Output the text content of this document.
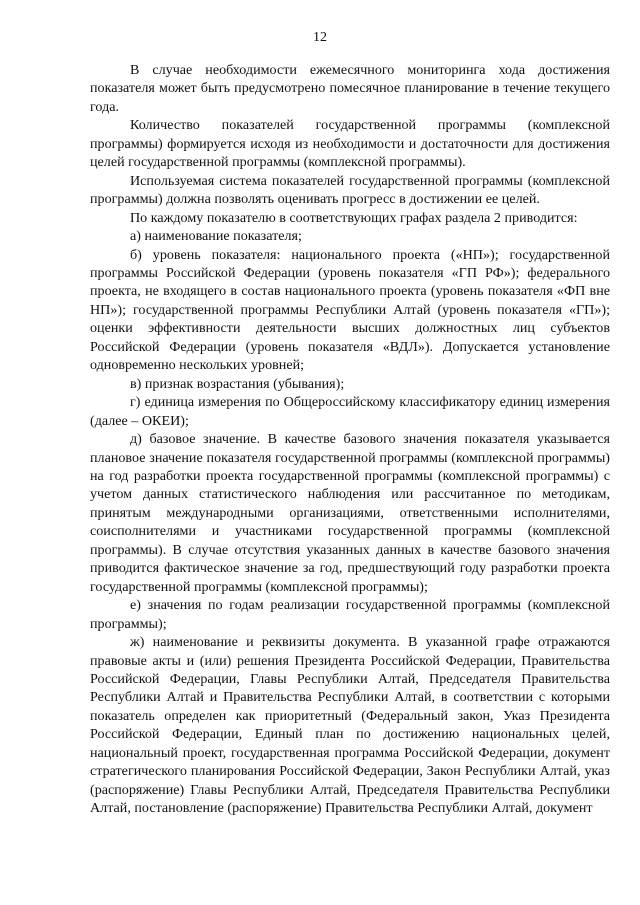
12

В случае необходимости ежемесячного мониторинга хода достижения показателя может быть предусмотрено помесячное планирование в течение текущего года.

Количество показателей государственной программы (комплексной программы) формируется исходя из необходимости и достаточности для достижения целей государственной программы (комплексной программы).

Используемая система показателей государственной программы (комплексной программы) должна позволять оценивать прогресс в достижении ее целей.

По каждому показателю в соответствующих графах раздела 2 приводится:

а) наименование показателя;

б) уровень показателя: национального проекта («НП»); государственной программы Российской Федерации (уровень показателя «ГП РФ»); федерального проекта, не входящего в состав национального проекта (уровень показателя «ФП вне НП»); государственной программы Республики Алтай (уровень показателя «ГП»); оценки эффективности деятельности высших должностных лиц субъектов Российской Федерации (уровень показателя «ВДЛ»). Допускается установление одновременно нескольких уровней;

в) признак возрастания (убывания);

г) единица измерения по Общероссийскому классификатору единиц измерения (далее – ОКЕИ);

д) базовое значение. В качестве базового значения показателя указывается плановое значение показателя государственной программы (комплексной программы) на год разработки проекта государственной программы (комплексной программы) с учетом данных статистического наблюдения или рассчитанное по методикам, принятым международными организациями, ответственными исполнителями, соисполнителями и участниками государственной программы (комплексной программы). В случае отсутствия указанных данных в качестве базового значения приводится фактическое значение за год, предшествующий году разработки проекта государственной программы (комплексной программы);

е) значения по годам реализации государственной программы (комплексной программы);

ж) наименование и реквизиты документа. В указанной графе отражаются правовые акты и (или) решения Президента Российской Федерации, Правительства Российской Федерации, Главы Республики Алтай, Председателя Правительства Республики Алтай и Правительства Республики Алтай, в соответствии с которыми показатель определен как приоритетный (Федеральный закон, Указ Президента Российской Федерации, Единый план по достижению национальных целей, национальный проект, государственная программа Российской Федерации, документ стратегического планирования Российской Федерации, Закон Республики Алтай, указ (распоряжение) Главы Республики Алтай, Председателя Правительства Республики Алтай, постановление (распоряжение) Правительства Республики Алтай, документ
